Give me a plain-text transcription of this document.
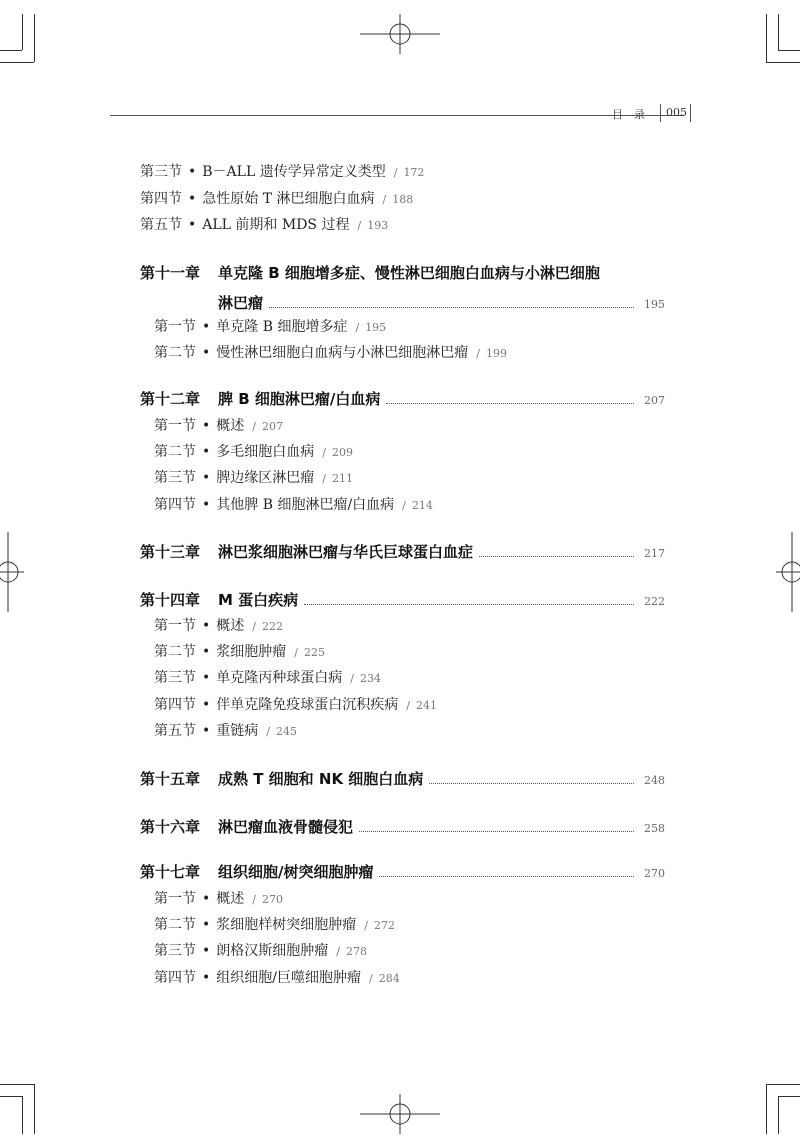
目　录 005
第三节 • B－ALL 遗传学异常定义类型 / 172
第四节 • 急性原始 T 淋巴细胞白血病 / 188
第五节 • ALL 前期和 MDS 过程 / 193
第十一章	单克隆 B 细胞增多症、慢性淋巴细胞白血病与小淋巴细胞
淋巴瘤	195
第一节 • 单克隆 B 细胞增多症 / 195
第二节 • 慢性淋巴细胞白血病与小淋巴细胞淋巴瘤 / 199
第十二章	脾 B 细胞淋巴瘤/白血病	207
第一节 • 概述 / 207
第二节 • 多毛细胞白血病 / 209
第三节 • 脾边缘区淋巴瘤 / 211
第四节 • 其他脾 B 细胞淋巴瘤/白血病 / 214
第十三章	淋巴浆细胞淋巴瘤与华氏巨球蛋白血症	217
第十四章	M 蛋白疾病	222
第一节 • 概述 / 222
第二节 • 浆细胞肿瘤 / 225
第三节 • 单克隆丙种球蛋白病 / 234
第四节 • 伴单克隆免疫球蛋白沉积疾病 / 241
第五节 • 重链病 / 245
第十五章	成熟 T 细胞和 NK 细胞白血病	248
第十六章	淋巴瘤血液骨髓侵犯	258
第十七章	组织细胞/树突细胞肿瘤	270
第一节 • 概述 / 270
第二节 • 浆细胞样树突细胞肿瘤 / 272
第三节 • 朗格汉斯细胞肿瘤 / 278
第四节 • 组织细胞/巨噬细胞肿瘤 / 284
